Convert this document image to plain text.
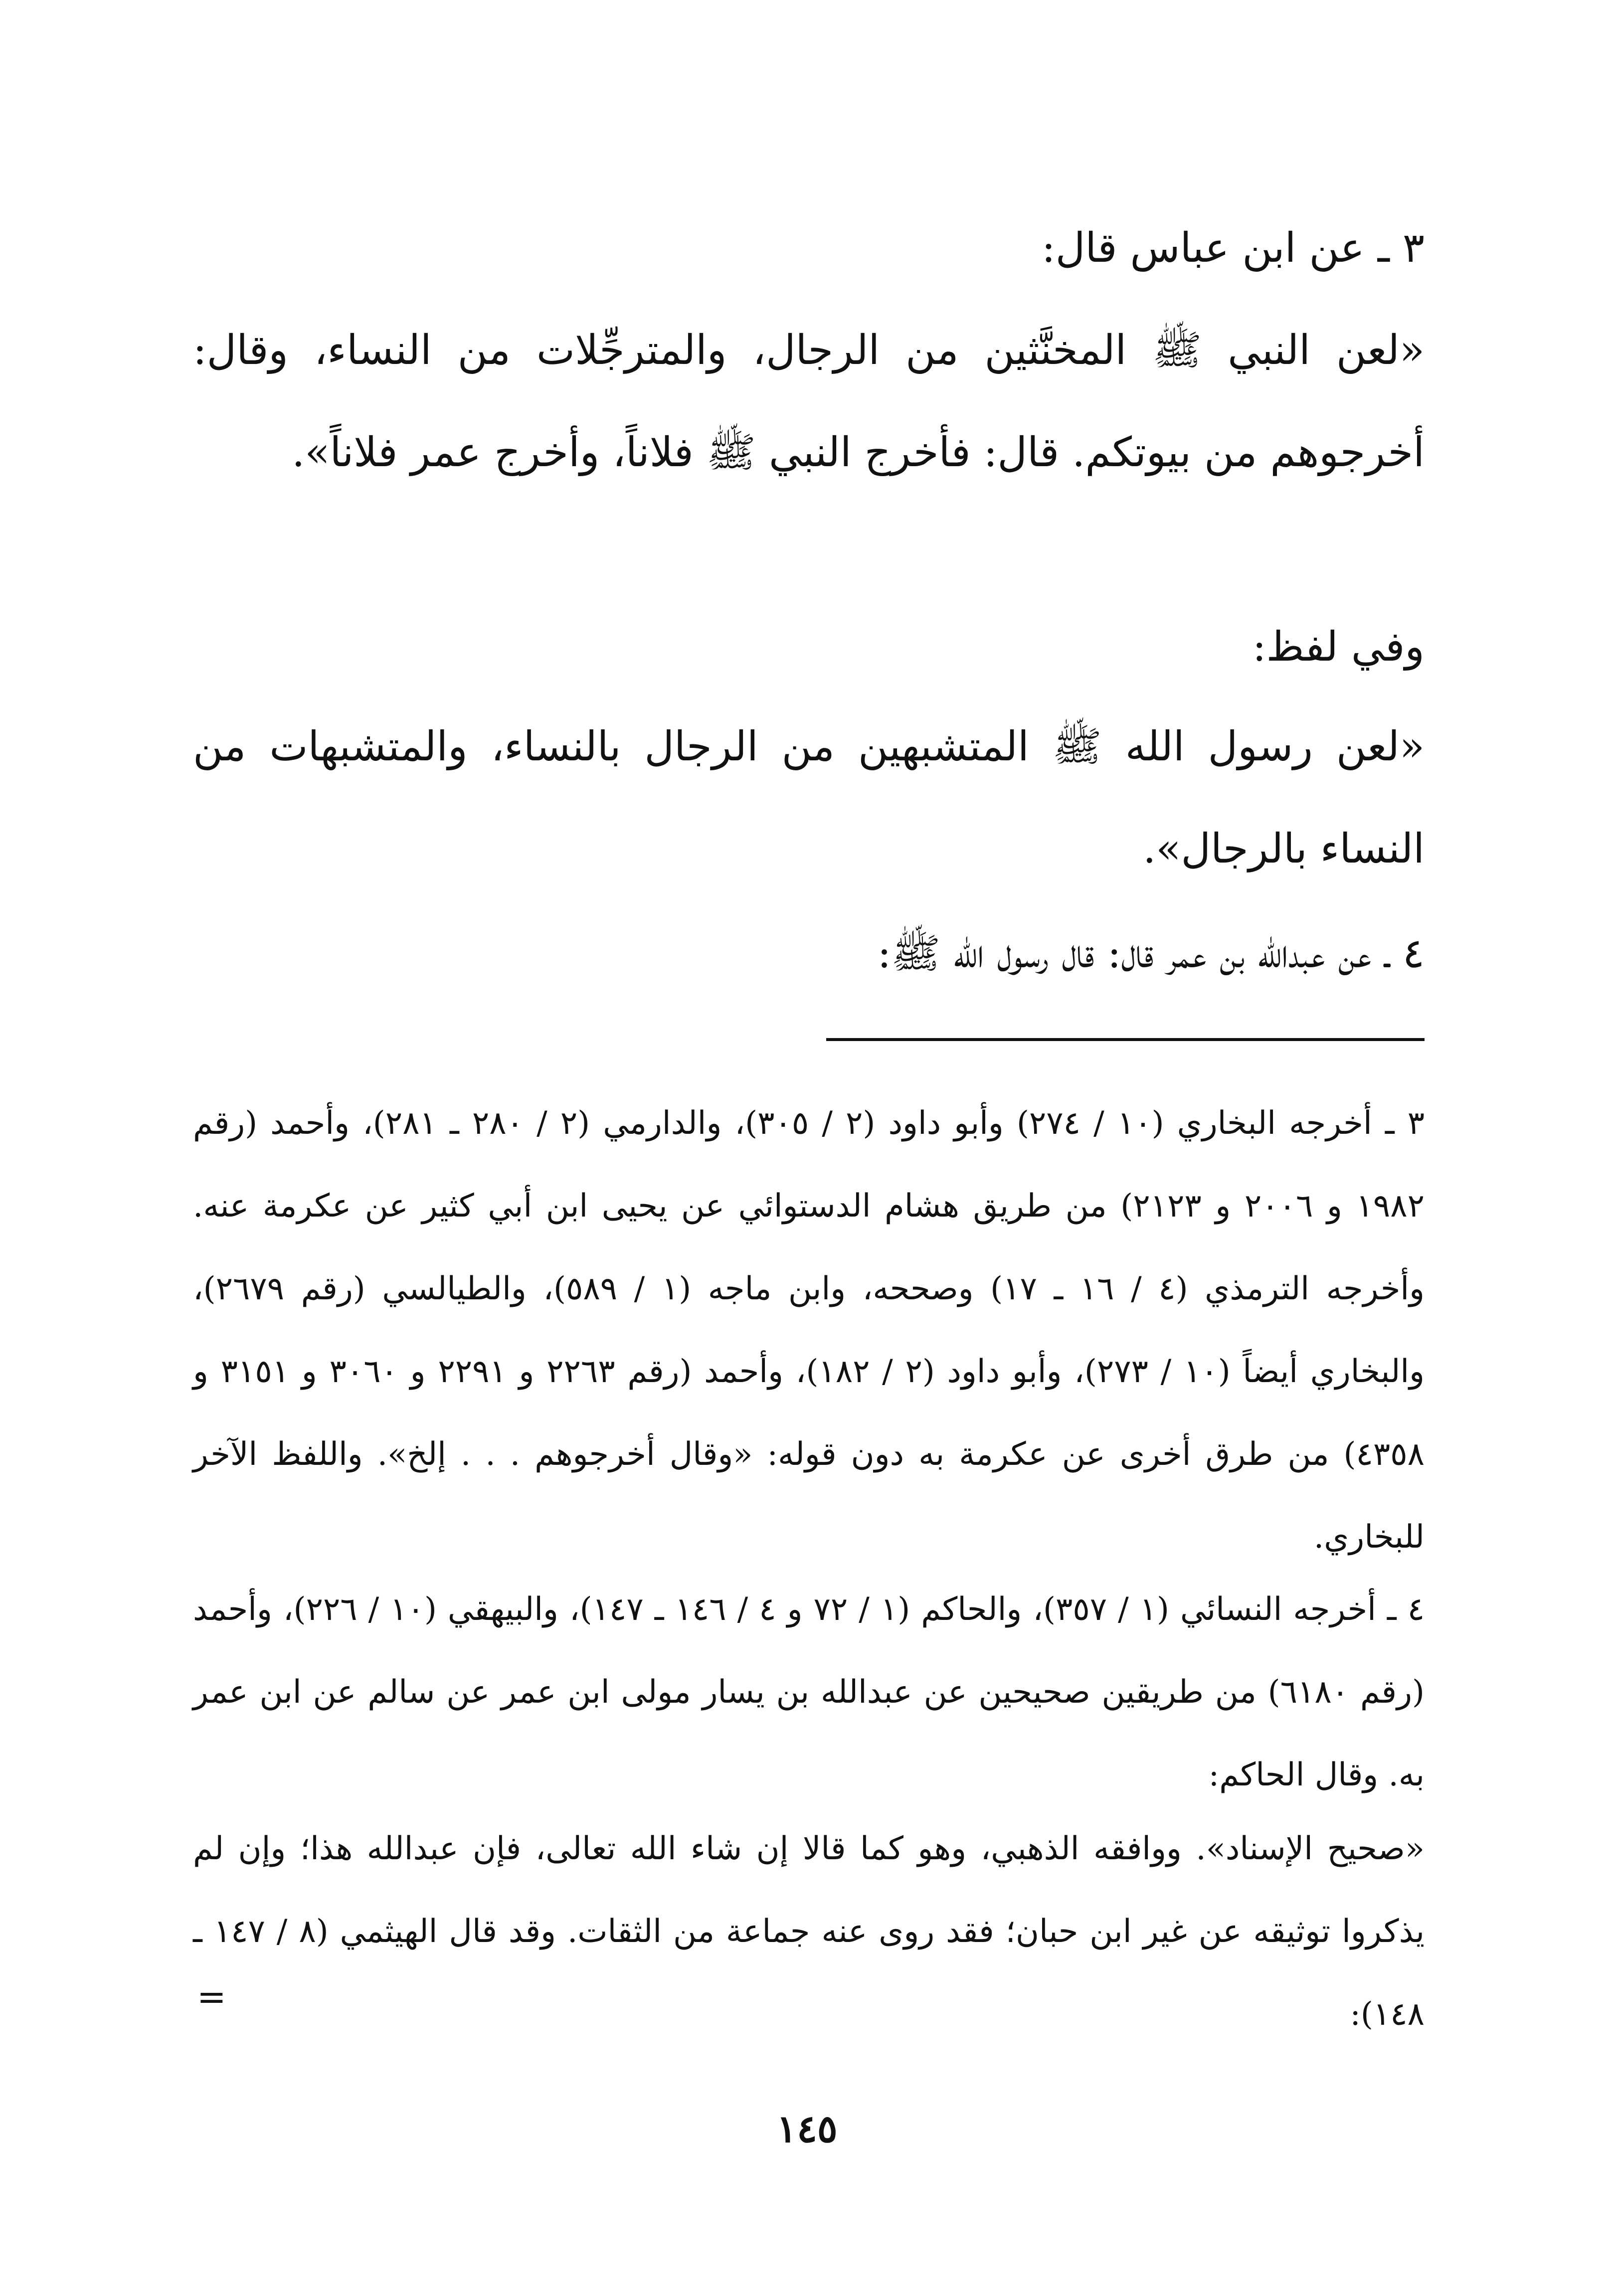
٣ ـ عن ابن عباس قال:
«لعن النبي ﷺ المخنَّثين من الرجال، والمترجِّلات من النساء، وقال: أخرجوهم من بيوتكم. قال: فأخرج النبي ﷺ فلاناً، وأخرج عمر فلاناً».
وفي لفظ:
«لعن رسول الله ﷺ المتشبهين من الرجال بالنساء، والمتشبهات من النساء بالرجال».
٤ ـ عن عبدالله بن عمر قال: قال رسول الله ﷺ:
٣ ـ أخرجه البخاري (١٠ / ٢٧٤) وأبو داود (٢ / ٣٠٥)، والدارمي (٢ / ٢٨٠ ـ ٢٨١)، وأحمد (رقم ١٩٨٢ و ٢٠٠٦ و ٢١٢٣) من طريق هشام الدستوائي عن يحيى ابن أبي كثير عن عكرمة عنه. وأخرجه الترمذي (٤ / ١٦ ـ ١٧) وصححه، وابن ماجه (١ / ٥٨٩)، والطيالسي (رقم ٢٦٧٩)، والبخاري أيضاً (١٠ / ٢٧٣)، وأبو داود (٢ / ١٨٢)، وأحمد (رقم ٢٢٦٣ و ٢٢٩١ و ٣٠٦٠ و ٣١٥١ و ٤٣٥٨) من طرق أخرى عن عكرمة به دون قوله: «وقال أخرجوهم . . . إلخ». واللفظ الآخر للبخاري.
٤ ـ أخرجه النسائي (١ / ٣٥٧)، والحاكم (١ / ٧٢ و ٤ / ١٤٦ ـ ١٤٧)، والبيهقي (١٠ / ٢٢٦)، وأحمد (رقم ٦١٨٠) من طريقين صحيحين عن عبدالله بن يسار مولى ابن عمر عن سالم عن ابن عمر به. وقال الحاكم:
«صحيح الإسناد». ووافقه الذهبي، وهو كما قالا إن شاء الله تعالى، فإن عبدالله هذا؛ وإن لم يذكروا توثيقه عن غير ابن حبان؛ فقد روى عنه جماعة من الثقات. وقد قال الهيثمي (٨ / ١٤٧ ـ ١٤٨):
=
١٤٥
